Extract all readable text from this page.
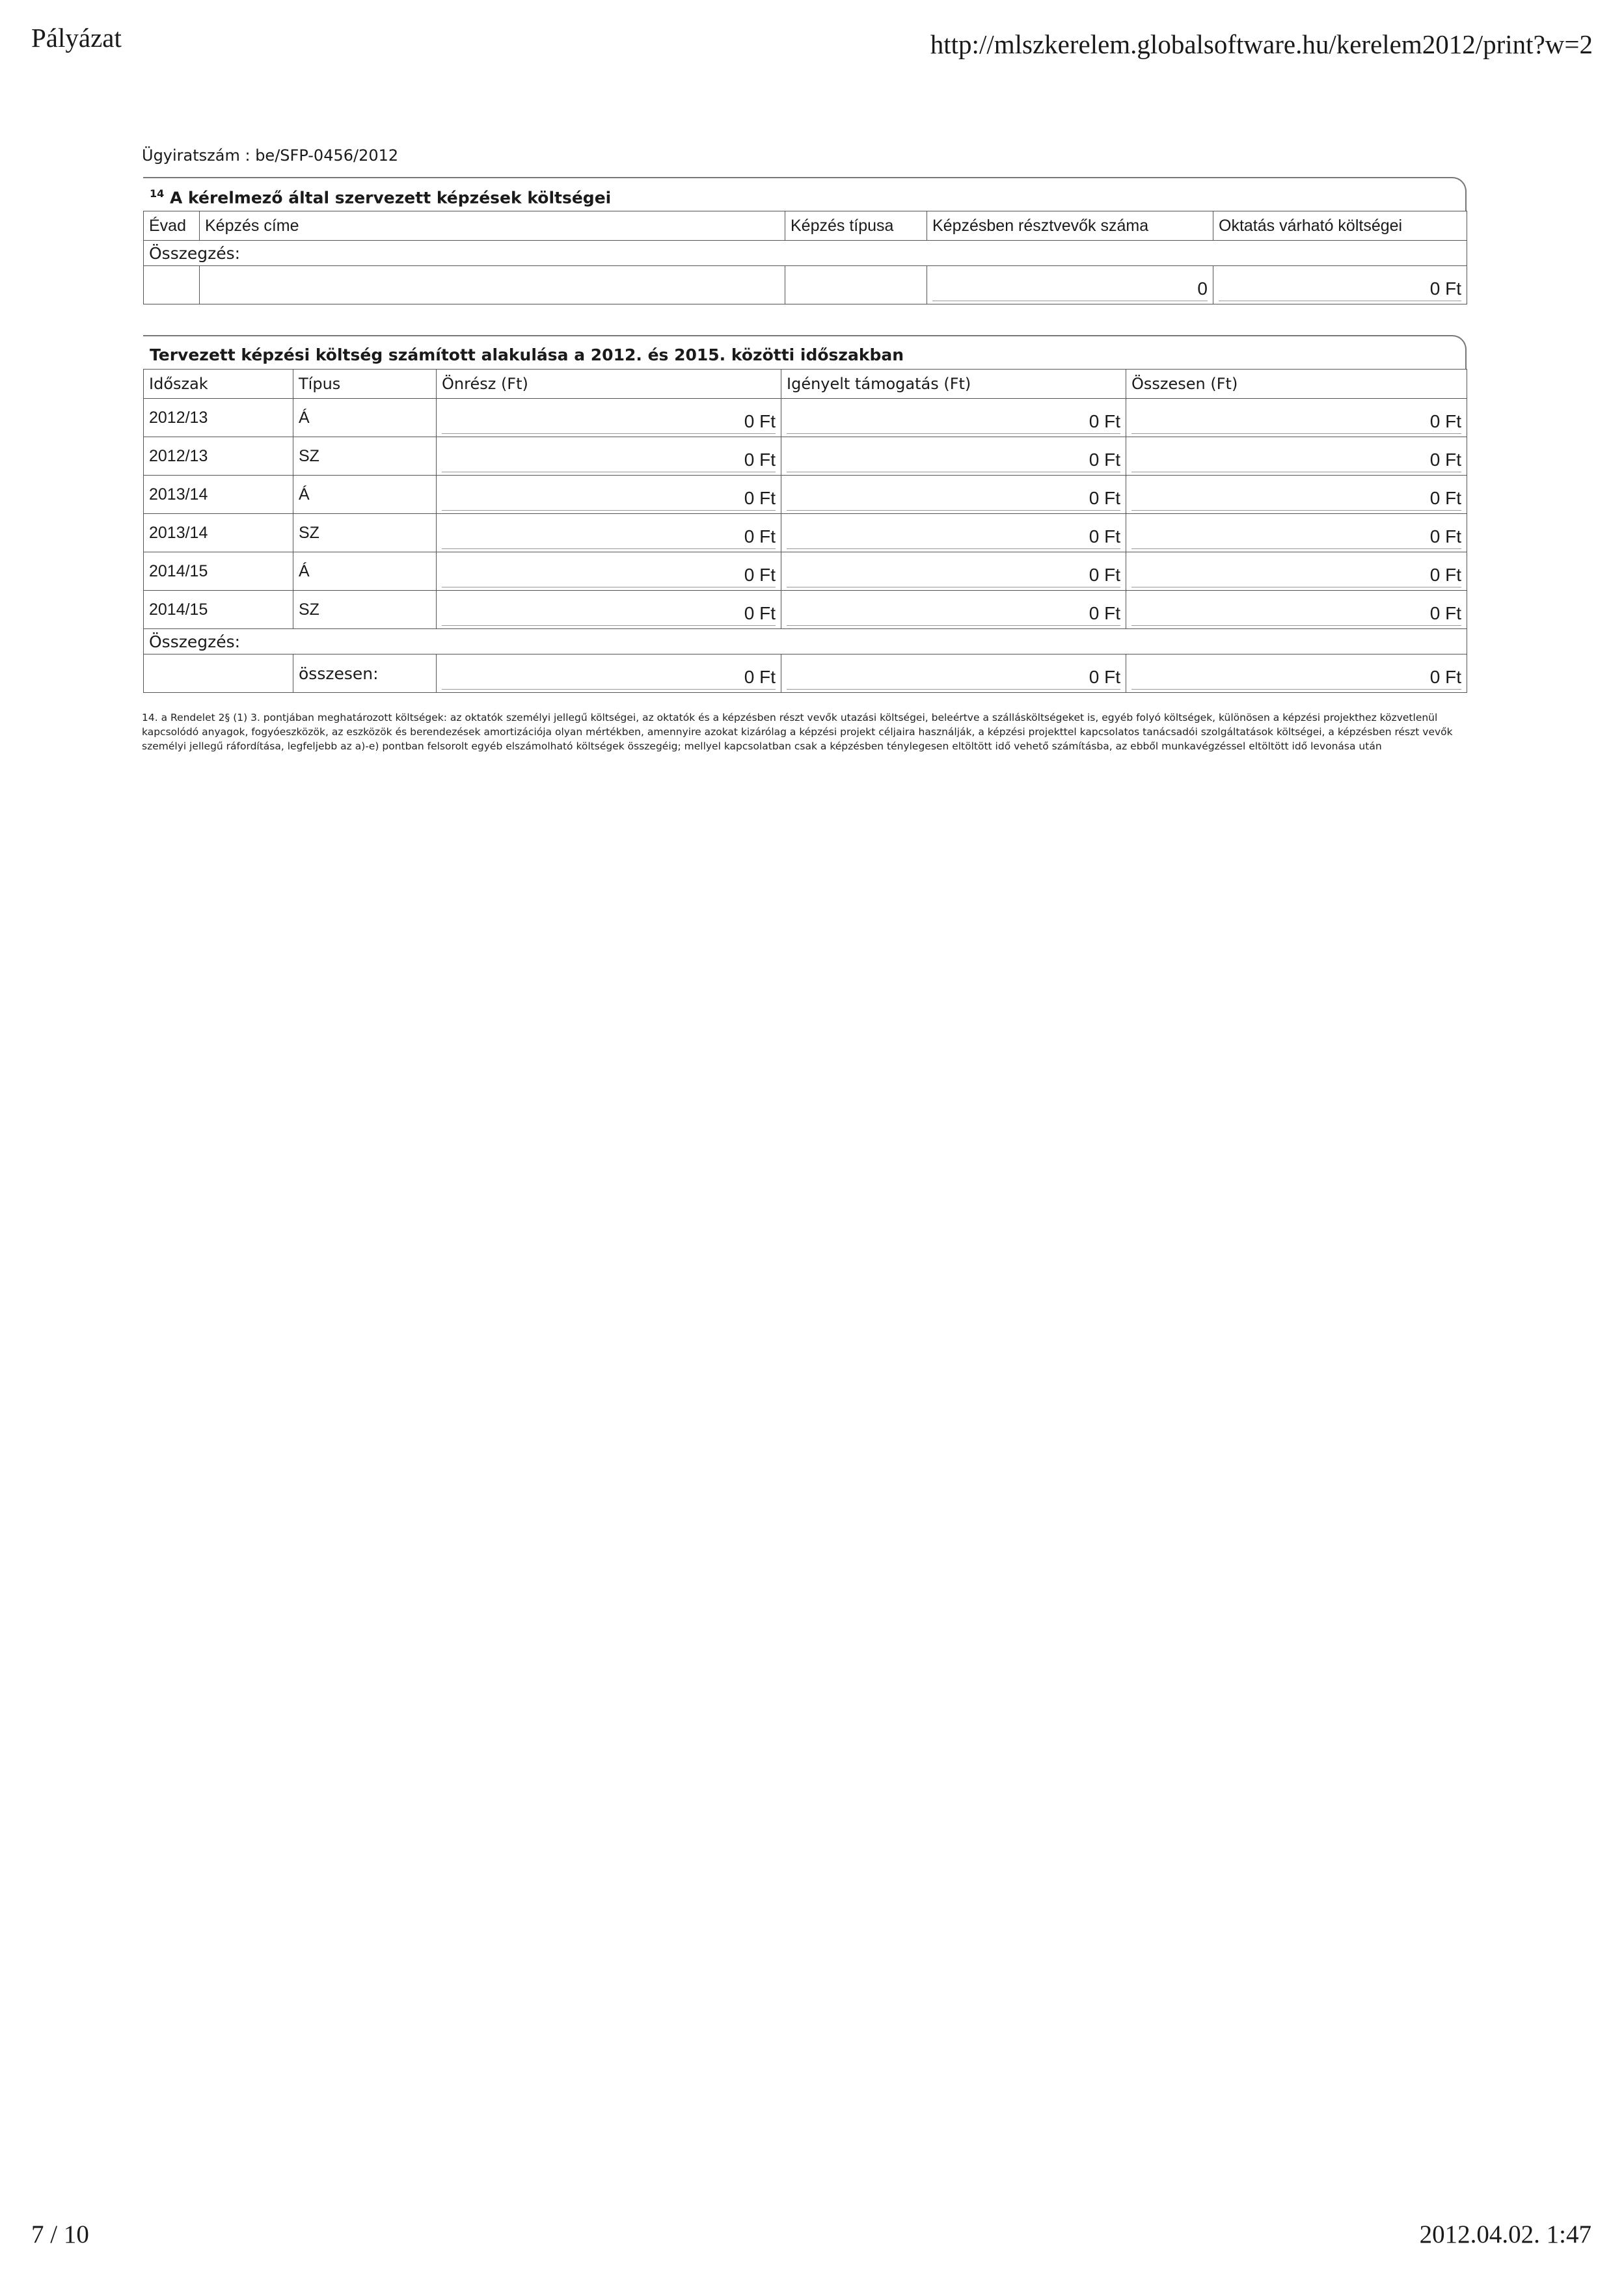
Pályázat	http://mlszkerelem.globalsoftware.hu/kerelem2012/print?w=2
Ügyiratszám : be/SFP-0456/2012
$^{14}$ A kérelmező által szervezett képzések költségei
Évad	Képzés címe	Képzés típusa	Képzésben résztvevők száma	Oktatás várható költségei
Összegzés:				

			0	0 Ft
Tervezett képzési költség számított alakulása a 2012. és 2015. közötti időszakban
Időszak	Típus	Önrész (Ft)	Igényelt támogatás (Ft)	Összesen (Ft)
2012/13	Á	0 Ft	0 Ft	0 Ft

2012/13	SZ	0 Ft	0 Ft	0 Ft

2013/14	Á	0 Ft	0 Ft	0 Ft

2013/14	SZ	0 Ft	0 Ft	0 Ft

2014/15	Á	0 Ft	0 Ft	0 Ft

2014/15	SZ	0 Ft	0 Ft	0 Ft

Összegzés:				
	összesen:	0 Ft	0 Ft	0 Ft
14. a Rendelet 2§ (1) 3. pontjában meghatározott költségek: az oktatók személyi jellegű költségei, az oktatók és a képzésben részt vevők utazási költségei, beleértve a szállásköltségeket is, egyéb folyó költségek, különösen a képzési projekthez közvetlenül kapcsolódó anyagok, fogyóeszközök, az eszközök és berendezések amortizációja olyan mértékben, amennyire azokat kizárólag a képzési projekt céljaira használják, a képzési projekttel kapcsolatos tanácsadói szolgáltatások költségei, a képzésben részt vevők személyi jellegű ráfordítása, legfeljebb az a)-e) pontban felsorolt egyéb elszámolható költségek összegéig; mellyel kapcsolatban csak a képzésben ténylegesen eltöltött idő vehető számításba, az ebből munkavégzéssel eltöltött idő levonása után
7 / 10	2012.04.02. 1:47
